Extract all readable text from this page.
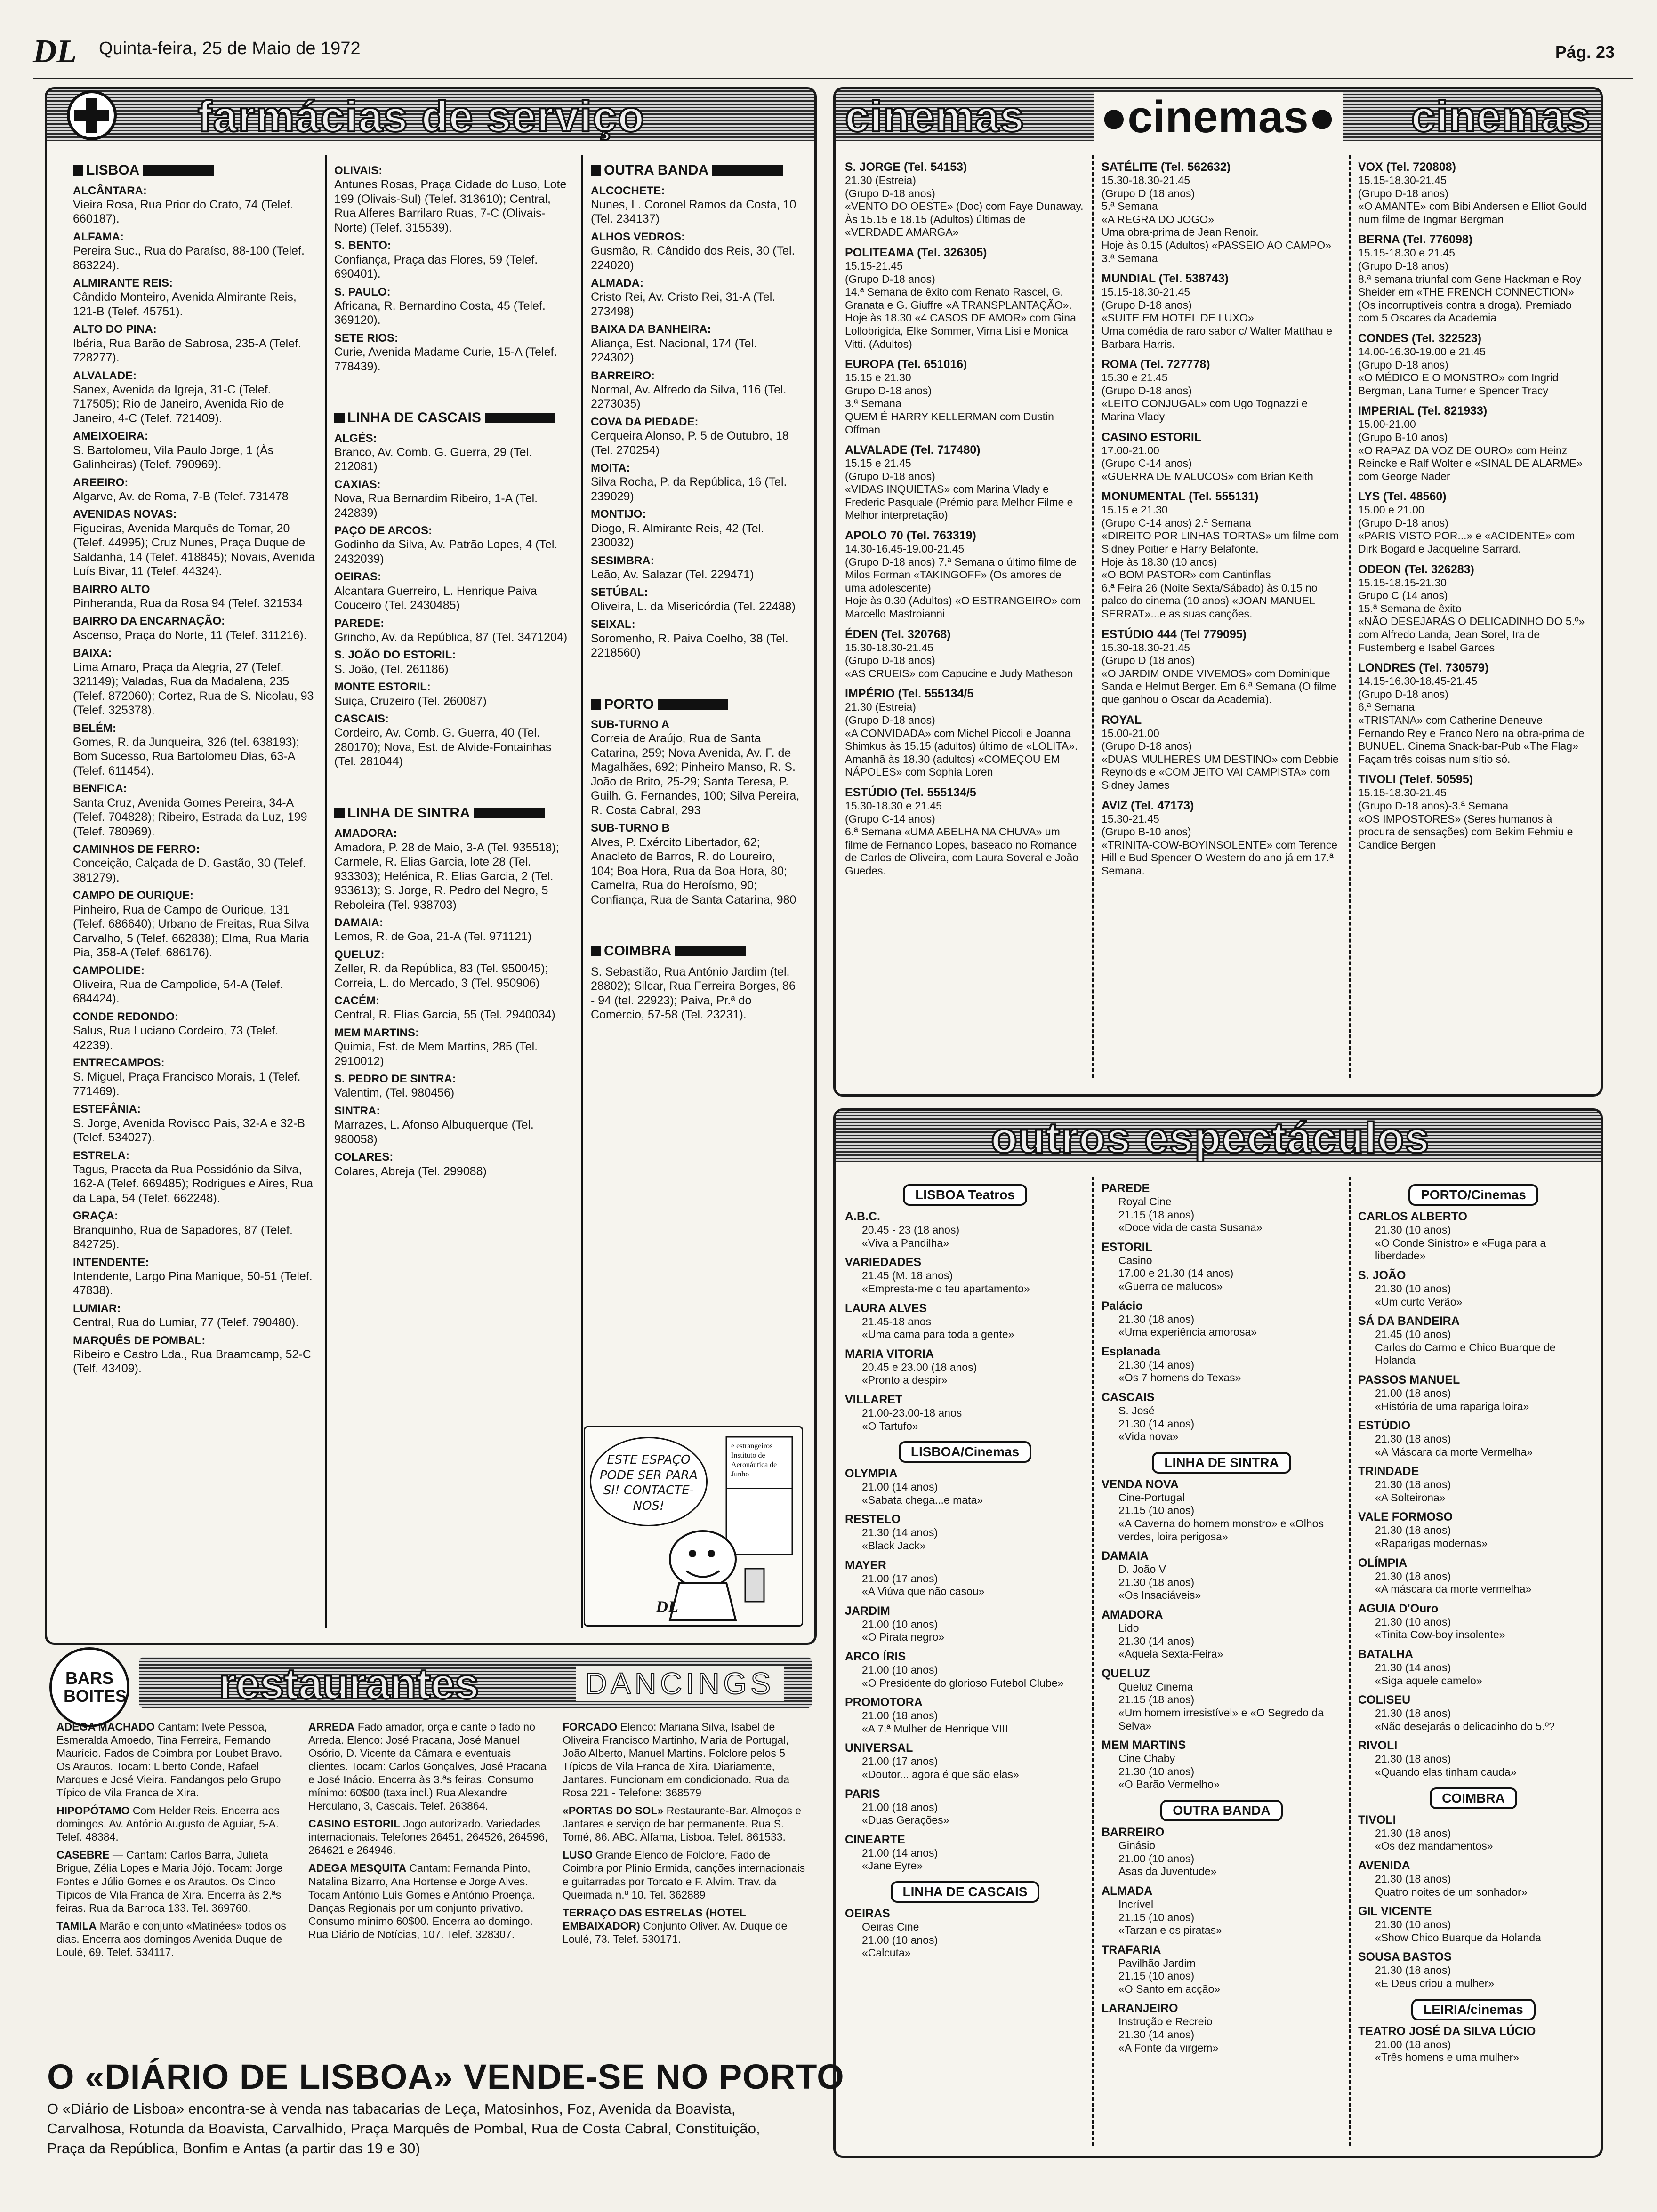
DL Quinta-feira, 25 de Maio de 1972	Pág. 23
farmácias de serviço
LISBOA
ALCÂNTARA:
Vieira Rosa, Rua Prior do Crato, 74 (Telef. 660187).
ALFAMA:
Pereira Suc., Rua do Paraíso, 88-100 (Telef. 863224).
ALMIRANTE REIS:
Cândido Monteiro, Avenida Almirante Reis, 121-B (Telef. 45751).
ALTO DO PINA:
Ibéria, Rua Barão de Sabrosa, 235-A (Telef. 728277).
ALVALADE:
Sanex, Avenida da Igreja, 31-C (Telef. 717505); Rio de Janeiro, Avenida Rio de Janeiro, 4-C (Telef. 721409).
AMEIXOEIRA:
S. Bartolomeu, Vila Paulo Jorge, 1 (Às Galinheiras) (Telef. 790969).
AREEIRO:
Algarve, Av. de Roma, 7-B (Telef. 731478
AVENIDAS NOVAS:
Figueiras, Avenida Marquês de Tomar, 20 (Telef. 44995); Cruz Nunes, Praça Duque de Saldanha, 14 (Telef. 418845); Novais, Avenida Luís Bivar, 11 (Telef. 44324).
BAIRRO ALTO
Pinheranda, Rua da Rosa 94 (Telef. 321534
BAIRRO DA ENCARNAÇÃO:
Ascenso, Praça do Norte, 11 (Telef. 311216).
BAIXA:
Lima Amaro, Praça da Alegria, 27 (Telef. 321149); Valadas, Rua da Madalena, 235 (Telef. 872060); Cortez, Rua de S. Nicolau, 93 (Telef. 325378).
BELÉM:
Gomes, R. da Junqueira, 326 (tel. 638193); Bom Sucesso, Rua Bartolomeu Dias, 63-A (Telef. 611454).
BENFICA:
Santa Cruz, Avenida Gomes Pereira, 34-A (Telef. 704828); Ribeiro, Estrada da Luz, 199 (Telef. 780969).
CAMINHOS DE FERRO:
Conceição, Calçada de D. Gastão, 30 (Telef. 381279).
CAMPO DE OURIQUE:
Pinheiro, Rua de Campo de Ourique, 131 (Telef. 686640); Urbano de Freitas, Rua Silva Carvalho, 5 (Telef. 662838); Elma, Rua Maria Pia, 358-A (Telef. 686176).
CAMPOLIDE:
Oliveira, Rua de Campolide, 54-A (Telef. 684424).
CONDE REDONDO:
Salus, Rua Luciano Cordeiro, 73 (Telef. 42239).
ENTRECAMPOS:
S. Miguel, Praça Francisco Morais, 1 (Telef. 771469).
ESTEFÂNIA:
S. Jorge, Avenida Rovisco Pais, 32-A e 32-B (Telef. 534027).
ESTRELA:
Tagus, Praceta da Rua Possidónio da Silva, 162-A (Telef. 669485); Rodrigues e Aires, Rua da Lapa, 54 (Telef. 662248).
GRAÇA:
Branquinho, Rua de Sapadores, 87 (Telef. 842725).
INTENDENTE:
Intendente, Largo Pina Manique, 50-51 (Telef. 47838).
LUMIAR:
Central, Rua do Lumiar, 77 (Telef. 790480).
MARQUÊS DE POMBAL:
Ribeiro e Castro Lda., Rua Braamcamp, 52-C (Telf. 43409).
OLIVAIS:
Antunes Rosas, Praça Cidade do Luso, Lote 199 (Olivais-Sul) (Telef. 313610); Central, Rua Alferes Barrilaro Ruas, 7-C (Olivais-Norte) (Telef. 315539).
S. BENTO:
Confiança, Praça das Flores, 59 (Telef. 690401).
S. PAULO:
Africana, R. Bernardino Costa, 45 (Telef. 369120).
SETE RIOS:
Curie, Avenida Madame Curie, 15-A (Telef. 778439).
LINHA DE CASCAIS
ALGÉS:
Branco, Av. Comb. G. Guerra, 29 (Tel. 212081)
CAXIAS:
Nova, Rua Bernardim Ribeiro, 1-A (Tel. 242839)
PAÇO DE ARCOS:
Godinho da Silva, Av. Patrão Lopes, 4 (Tel. 2432039)
OEIRAS:
Alcantara Guerreiro, L. Henrique Paiva Couceiro (Tel. 2430485)
PAREDE:
Grincho, Av. da República, 87 (Tel. 3471204)
S. JOÃO DO ESTORIL:
S. João, (Tel. 261186)
MONTE ESTORIL:
Suiça, Cruzeiro (Tel. 260087)
CASCAIS:
Cordeiro, Av. Comb. G. Guerra, 40 (Tel. 280170); Nova, Est. de Alvide-Fontainhas (Tel. 281044)
LINHA DE SINTRA
AMADORA:
Amadora, P. 28 de Maio, 3-A (Tel. 935518); Carmele, R. Elias Garcia, lote 28 (Tel. 933303); Helénica, R. Elias Garcia, 2 (Tel. 933613); S. Jorge, R. Pedro del Negro, 5 Reboleira (Tel. 938703)
DAMAIA:
Lemos, R. de Goa, 21-A (Tel. 971121)
QUELUZ:
Zeller, R. da República, 83 (Tel. 950045); Correia, L. do Mercado, 3 (Tel. 950906)
CACÉM:
Central, R. Elias Garcia, 55 (Tel. 2940034)
MEM MARTINS:
Quimia, Est. de Mem Martins, 285 (Tel. 2910012)
S. PEDRO DE SINTRA:
Valentim, (Tel. 980456)
SINTRA:
Marrazes, L. Afonso Albuquerque (Tel. 980058)
COLARES:
Colares, Abreja (Tel. 299088)
OUTRA BANDA
ALCOCHETE:
Nunes, L. Coronel Ramos da Costa, 10 (Tel. 234137)
ALHOS VEDROS:
Gusmão, R. Cândido dos Reis, 30 (Tel. 224020)
ALMADA:
Cristo Rei, Av. Cristo Rei, 31-A (Tel. 273498)
BAIXA DA BANHEIRA:
Aliança, Est. Nacional, 174 (Tel. 224302)
BARREIRO:
Normal, Av. Alfredo da Silva, 116 (Tel. 2273035)
COVA DA PIEDADE:
Cerqueira Alonso, P. 5 de Outubro, 18 (Tel. 270254)
MOITA:
Silva Rocha, P. da República, 16 (Tel. 239029)
MONTIJO:
Diogo, R. Almirante Reis, 42 (Tel. 230032)
SESIMBRA:
Leão, Av. Salazar (Tel. 229471)
SETÚBAL:
Oliveira, L. da Misericórdia (Tel. 22488)
SEIXAL:
Soromenho, R. Paiva Coelho, 38 (Tel. 2218560)
PORTO
SUB-TURNO A
Correia de Araújo, Rua de Santa Catarina, 259; Nova Avenida, Av. F. de Magalhães, 692; Pinheiro Manso, R. S. João de Brito, 25-29; Santa Teresa, P. Guilh. G. Fernandes, 100; Silva Pereira, R. Costa Cabral, 293
SUB-TURNO B
Alves, P. Exército Libertador, 62; Anacleto de Barros, R. do Loureiro, 104; Boa Hora, Rua da Boa Hora, 80; Camelra, Rua do Heroísmo, 90; Confiança, Rua de Santa Catarina, 980
COIMBRA
S. Sebastião, Rua António Jardim (tel. 28802); Silcar, Rua Ferreira Borges, 86 - 94 (tel. 22923); Paiva, Pr.ª do Comércio, 57-58 (Tel. 23231).
ESTE ESPAÇO PODE SER PARA SI! CONTACTE-NOS!
e estrangeiros Instituto de Aeronáutica de Junho
DL
cinemas	●cinemas●	cinemas
S. JORGE (Tel. 54153)
21.30 (Estreia)
(Grupo D-18 anos)
«VENTO DO OESTE» (Doc) com Faye Dunaway. Às 15.15 e 18.15 (Adultos) últimas de «VERDADE AMARGA»
POLITEAMA (Tel. 326305)
15.15-21.45
(Grupo D-18 anos)
14.ª Semana de êxito com Renato Rascel, G. Granata e G. Giuffre «A TRANSPLANTAÇÃO».
Hoje às 18.30 «4 CASOS DE AMOR» com Gina Lollobrigida, Elke Sommer, Virna Lisi e Monica Vitti. (Adultos)
EUROPA (Tel. 651016)
15.15 e 21.30
Grupo D-18 anos)
3.ª Semana
QUEM É HARRY KELLERMAN com Dustin Offman
ALVALADE (Tel. 717480)
15.15 e 21.45
(Grupo D-18 anos)
«VIDAS INQUIETAS» com Marina Vlady e Frederic Pasquale (Prémio para Melhor Filme e Melhor interpretação)
APOLO 70 (Tel. 763319)
14.30-16.45-19.00-21.45
(Grupo D-18 anos) 7.ª Semana o último filme de Milos Forman «TAKINGOFF» (Os amores de uma adolescente)
Hoje às 0.30 (Adultos) «O ESTRANGEIRO» com Marcello Mastroianni
ÉDEN (Tel. 320768)
15.30-18.30-21.45
(Grupo D-18 anos)
«AS CRUEIS» com Capucine e Judy Matheson
IMPÉRIO (Tel. 555134/5
21.30 (Estreia)
(Grupo D-18 anos)
«A CONVIDADA» com Michel Piccoli e Joanna Shimkus às 15.15 (adultos) último de «LOLITA». Amanhã às 18.30 (adultos) «COMEÇOU EM NÁPOLES» com Sophia Loren
ESTÚDIO (Tel. 555134/5
15.30-18.30 e 21.45
(Grupo C-14 anos)
6.ª Semana «UMA ABELHA NA CHUVA» um filme de Fernando Lopes, baseado no Romance de Carlos de Oliveira, com Laura Soveral e João Guedes.
SATÉLITE (Tel. 562632)
15.30-18.30-21.45
(Grupo D (18 anos)
5.ª Semana
«A REGRA DO JOGO»
Uma obra-prima de Jean Renoir.
Hoje às 0.15 (Adultos) «PASSEIO AO CAMPO» 3.ª Semana
MUNDIAL (Tel. 538743)
15.15-18.30-21.45
(Grupo D-18 anos)
«SUITE EM HOTEL DE LUXO»
Uma comédia de raro sabor c/ Walter Matthau e Barbara Harris.
ROMA (Tel. 727778)
15.30 e 21.45
(Grupo D-18 anos)
«LEITO CONJUGAL» com Ugo Tognazzi e Marina Vlady
CASINO ESTORIL
17.00-21.00
(Grupo C-14 anos)
«GUERRA DE MALUCOS» com Brian Keith
MONUMENTAL (Tel. 555131)
15.15 e 21.30
(Grupo C-14 anos) 2.ª Semana
«DIREITO POR LINHAS TORTAS» um filme com Sidney Poitier e Harry Belafonte.
Hoje às 18.30 (10 anos)
«O BOM PASTOR» com Cantinflas
6.ª Feira 26 (Noite Sexta/Sábado) às 0.15 no palco do cinema (10 anos) «JOAN MANUEL SERRAT»...e as suas canções.
ESTÚDIO 444 (Tel 779095)
15.30-18.30-21.45
(Grupo D (18 anos)
«O JARDIM ONDE VIVEMOS» com Dominique Sanda e Helmut Berger. Em 6.ª Semana (O filme que ganhou o Oscar da Academia).
ROYAL
15.00-21.00
(Grupo D-18 anos)
«DUAS MULHERES UM DESTINO» com Debbie Reynolds e «COM JEITO VAI CAMPISTA» com Sidney James
AVIZ (Tel. 47173)
15.30-21.45
(Grupo B-10 anos)
«TRINITA-COW-BOYINSOLENTE» com Terence Hill e Bud Spencer O Western do ano já em 17.ª Semana.
VOX (Tel. 720808)
15.15-18.30-21.45
(Grupo D-18 anos)
«O AMANTE» com Bibi Andersen e Elliot Gould num filme de Ingmar Bergman
BERNA (Tel. 776098)
15.15-18.30 e 21.45
(Grupo D-18 anos)
8.ª semana triunfal com Gene Hackman e Roy Sheider em «THE FRENCH CONNECTION» (Os incorruptíveis contra a droga). Premiado com 5 Oscares da Academia
CONDES (Tel. 322523)
14.00-16.30-19.00 e 21.45
(Grupo D-18 anos)
«O MÉDICO E O MONSTRO» com Ingrid Bergman, Lana Turner e Spencer Tracy
IMPERIAL (Tel. 821933)
15.00-21.00
(Grupo B-10 anos)
«O RAPAZ DA VOZ DE OURO» com Heinz Reincke e Ralf Wolter e «SINAL DE ALARME» com George Nader
LYS (Tel. 48560)
15.00 e 21.00
(Grupo D-18 anos)
«PARIS VISTO POR...» e «ACIDENTE» com Dirk Bogard e Jacqueline Sarrard.
ODEON (Tel. 326283)
15.15-18.15-21.30
Grupo C (14 anos)
15.ª Semana de êxito
«NÃO DESEJARÁS O DELICADINHO DO 5.º» com Alfredo Landa, Jean Sorel, Ira de Fustemberg e Isabel Garces
LONDRES (Tel. 730579)
14.15-16.30-18.45-21.45
(Grupo D-18 anos)
6.ª Semana
«TRISTANA» com Catherine Deneuve Fernando Rey e Franco Nero na obra-prima de BUNUEL. Cinema Snack-bar-Pub «The Flag» Façam três coisas num sítio só.
TIVOLI (Telef. 50595)
15.15-18.30-21.45
(Grupo D-18 anos)-3.ª Semana
«OS IMPOSTORES» (Seres humanos à procura de sensações) com Bekim Fehmiu e Candice Bergen
outros espectáculos
LISBOA Teatros
A.B.C.
20.45 - 23 (18 anos)
«Viva a Pandilha»
VARIEDADES
21.45 (M. 18 anos)
«Empresta-me o teu apartamento»
LAURA ALVES
21.45-18 anos
«Uma cama para toda a gente»
MARIA VITORIA
20.45 e 23.00 (18 anos)
«Pronto a despir»
VILLARET
21.00-23.00-18 anos
«O Tartufo»
LISBOA/Cinemas
OLYMPIA
21.00 (14 anos)
«Sabata chega...e mata»
RESTELO
21.30 (14 anos)
«Black Jack»
MAYER
21.00 (17 anos)
«A Viúva que não casou»
JARDIM
21.00 (10 anos)
«O Pirata negro»
ARCO ÍRIS
21.00 (10 anos)
«O Presidente do glorioso Futebol Clube»
PROMOTORA
21.00 (18 anos)
«A 7.ª Mulher de Henrique VIII
UNIVERSAL
21.00 (17 anos)
«Doutor... agora é que são elas»
PARIS
21.00 (18 anos)
«Duas Gerações»
CINEARTE
21.00 (14 anos)
«Jane Eyre»
LINHA DE CASCAIS
OEIRAS
Oeiras Cine
21.00 (10 anos)
«Calcuta»
PAREDE
Royal Cine
21.15 (18 anos)
«Doce vida de casta Susana»
ESTORIL
Casino
17.00 e 21.30 (14 anos)
«Guerra de malucos»
Palácio
21.30 (18 anos)
«Uma experiência amorosa»
Esplanada
21.30 (14 anos)
«Os 7 homens do Texas»
CASCAIS
S. José
21.30 (14 anos)
«Vida nova»
LINHA DE SINTRA
VENDA NOVA
Cine-Portugal
21.15 (10 anos)
«A Caverna do homem monstro» e «Olhos verdes, loira perigosa»
DAMAIA
D. João V
21.30 (18 anos)
«Os Insaciáveis»
AMADORA
Lido
21.30 (14 anos)
«Aquela Sexta-Feira»
QUELUZ
Queluz Cinema
21.15 (18 anos)
«Um homem irresistível» e «O Segredo da Selva»
MEM MARTINS
Cine Chaby
21.30 (10 anos)
«O Barão Vermelho»
OUTRA BANDA
BARREIRO
Ginásio
21.00 (10 anos)
Asas da Juventude»
ALMADA
Incrível
21.15 (10 anos)
«Tarzan e os piratas»
TRAFARIA
Pavilhão Jardim
21.15 (10 anos)
«O Santo em acção»
LARANJEIRO
Instrução e Recreio
21.30 (14 anos)
«A Fonte da virgem»
PORTO/Cinemas
CARLOS ALBERTO
21.30 (10 anos)
«O Conde Sinistro» e «Fuga para a liberdade»
S. JOÃO
21.30 (10 anos)
«Um curto Verão»
SÁ DA BANDEIRA
21.45 (10 anos)
Carlos do Carmo e Chico Buarque de Holanda
PASSOS MANUEL
21.00 (18 anos)
«História de uma rapariga loira»
ESTÚDIO
21.30 (18 anos)
«A Máscara da morte Vermelha»
TRINDADE
21.30 (18 anos)
«A Solteirona»
VALE FORMOSO
21.30 (18 anos)
«Raparigas modernas»
OLÍMPIA
21.30 (18 anos)
«A máscara da morte vermelha»
AGUIA D'Ouro
21.30 (10 anos)
«Tinita Cow-boy insolente»
BATALHA
21.30 (14 anos)
«Siga aquele camelo»
COLISEU
21.30 (18 anos)
«Não desejarás o delicadinho do 5.º?
RIVOLI
21.30 (18 anos)
«Quando elas tinham cauda»
COIMBRA
TIVOLI
21.30 (18 anos)
«Os dez mandamentos»
AVENIDA
21.30 (18 anos)
Quatro noites de um sonhador»
GIL VICENTE
21.30 (10 anos)
«Show Chico Buarque da Holanda
SOUSA BASTOS
21.30 (18 anos)
«E Deus criou a mulher»
LEIRIA/cinemas
TEATRO JOSÉ DA SILVA LÚCIO
21.00 (18 anos)
«Três homens e uma mulher»
BARS BOITES restaurantes	DANCINGS
ADEGA MACHADO Cantam: Ivete Pessoa, Esmeralda Amoedo, Tina Ferreira, Fernando Maurício. Fados de Coimbra por Loubet Bravo. Os Arautos. Tocam: Liberto Conde, Rafael Marques e José Vieira. Fandangos pelo Grupo Típico de Vila Franca de Xira.
HIPOPÓTAMO Com Helder Reis. Encerra aos domingos. Av. António Augusto de Aguiar, 5-A. Telef. 48384.
CASEBRE — Cantam: Carlos Barra, Julieta Brigue, Zélia Lopes e Maria Jójó. Tocam: Jorge Fontes e Júlio Gomes e os Arautos. Os Cinco Típicos de Vila Franca de Xira. Encerra às 2.ªs feiras. Rua da Barroca 133. Tel. 369760.
TAMILA Marão e conjunto «Matinées» todos os dias. Encerra aos domingos Avenida Duque de Loulé, 69. Telef. 534117.
ARREDA Fado amador, orça e cante o fado no Arreda. Elenco: José Pracana, José Manuel Osório, D. Vicente da Câmara e eventuais clientes. Tocam: Carlos Gonçalves, José Pracana e José Inácio. Encerra às 3.ªs feiras. Consumo mínimo: 60$00 (taxa incl.) Rua Alexandre Herculano, 3, Cascais. Telef. 263864.
CASINO ESTORIL Jogo autorizado. Variedades internacionais. Telefones 26451, 264526, 264596, 264621 e 264946.
ADEGA MESQUITA Cantam: Fernanda Pinto, Natalina Bizarro, Ana Hortense e Jorge Alves. Tocam António Luís Gomes e António Proença. Danças Regionais por um conjunto privativo. Consumo mínimo 60$00. Encerra ao domingo. Rua Diário de Notícias, 107. Telef. 328307.
FORCADO Elenco: Mariana Silva, Isabel de Oliveira Francisco Martinho, Maria de Portugal, João Alberto, Manuel Martins. Folclore pelos 5 Típicos de Vila Franca de Xira. Diariamente, Jantares. Funcionam em condicionado. Rua da Rosa 221 - Telefone: 368579
«PORTAS DO SOL» Restaurante-Bar. Almoços e Jantares e serviço de bar permanente. Rua S. Tomé, 86. ABC. Alfama, Lisboa. Telef. 861533.
LUSO Grande Elenco de Folclore. Fado de Coimbra por Plinio Ermida, canções internacionais e guitarradas por Torcato e F. Alvim. Trav. da Queimada n.º 10. Tel. 362889
TERRAÇO DAS ESTRELAS (HOTEL EMBAIXADOR) Conjunto Oliver. Av. Duque de Loulé, 73. Telef. 530171.
O «DIÁRIO DE LISBOA» VENDE-SE NO PORTO
O «Diário de Lisboa» encontra-se à venda nas tabacarias de Leça, Matosinhos, Foz, Avenida da Boavista, Carvalhosa, Rotunda da Boavista, Carvalhido, Praça Marquês de Pombal, Rua de Costa Cabral, Constituição, Praça da República, Bonfim e Antas (a partir das 19 e 30)
